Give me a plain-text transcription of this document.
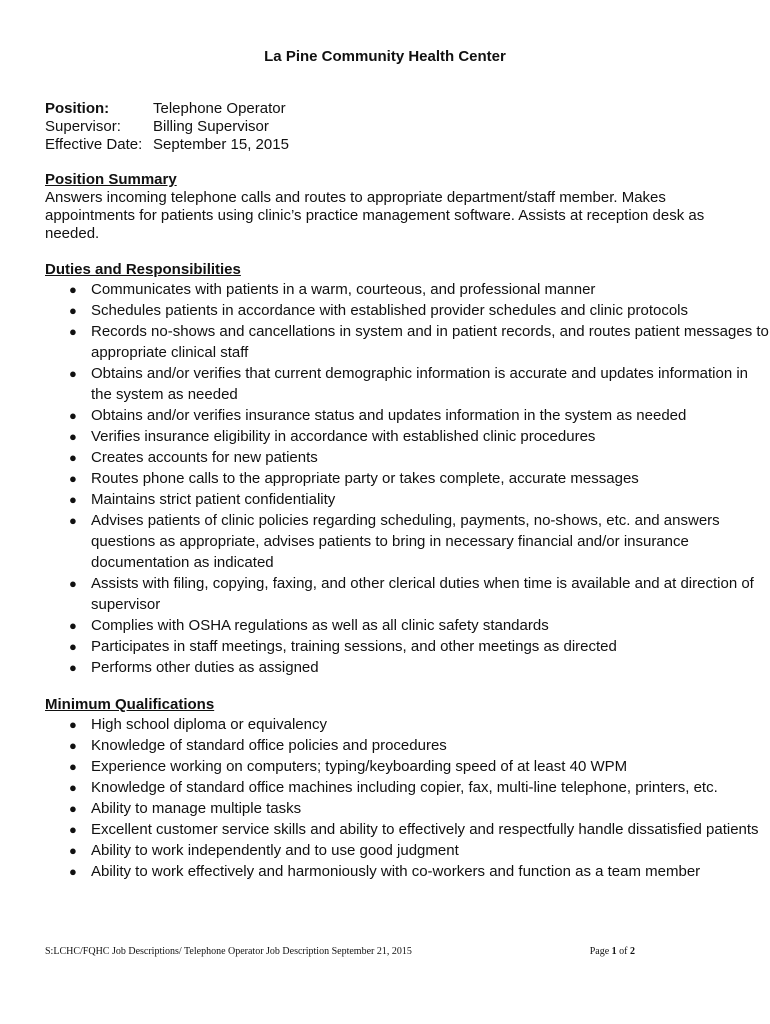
La Pine Community Health Center
Position:	Telephone Operator
Supervisor:	Billing Supervisor
Effective Date: September 15, 2015
Position Summary

Answers incoming telephone calls and routes to appropriate department/staff member. Makes appointments for patients using clinic’s practice management software. Assists at reception desk as needed.

Duties and Responsibilities
● Communicates with patients in a warm, courteous, and professional manner
● Schedules patients in accordance with established provider schedules and clinic protocols
● Records no-shows and cancellations in system and in patient records, and routes patient messages to appropriate clinical staff
● Obtains and/or verifies that current demographic information is accurate and updates information in the system as needed
● Obtains and/or verifies insurance status and updates information in the system as needed
● Verifies insurance eligibility in accordance with established clinic procedures
● Creates accounts for new patients
● Routes phone calls to the appropriate party or takes complete, accurate messages
● Maintains strict patient confidentiality
● Advises patients of clinic policies regarding scheduling, payments, no-shows, etc. and answers questions as appropriate, advises patients to bring in necessary financial and/or insurance documentation as indicated
● Assists with filing, copying, faxing, and other clerical duties when time is available and at direction of supervisor
● Complies with OSHA regulations as well as all clinic safety standards
● Participates in staff meetings, training sessions, and other meetings as directed
● Performs other duties as assigned
Minimum Qualifications
● High school diploma or equivalency
● Knowledge of standard office policies and procedures
● Experience working on computers; typing/keyboarding speed of at least 40 WPM
● Knowledge of standard office machines including copier, fax, multi-line telephone, printers, etc.
● Ability to manage multiple tasks
● Excellent customer service skills and ability to effectively and respectfully handle dissatisfied patients
● Ability to work independently and to use good judgment
● Ability to work effectively and harmoniously with co-workers and function as a team member
S:LCHC/FQHC Job Descriptions/ Telephone Operator Job Description September 21, 2015	Page 1 of 2
